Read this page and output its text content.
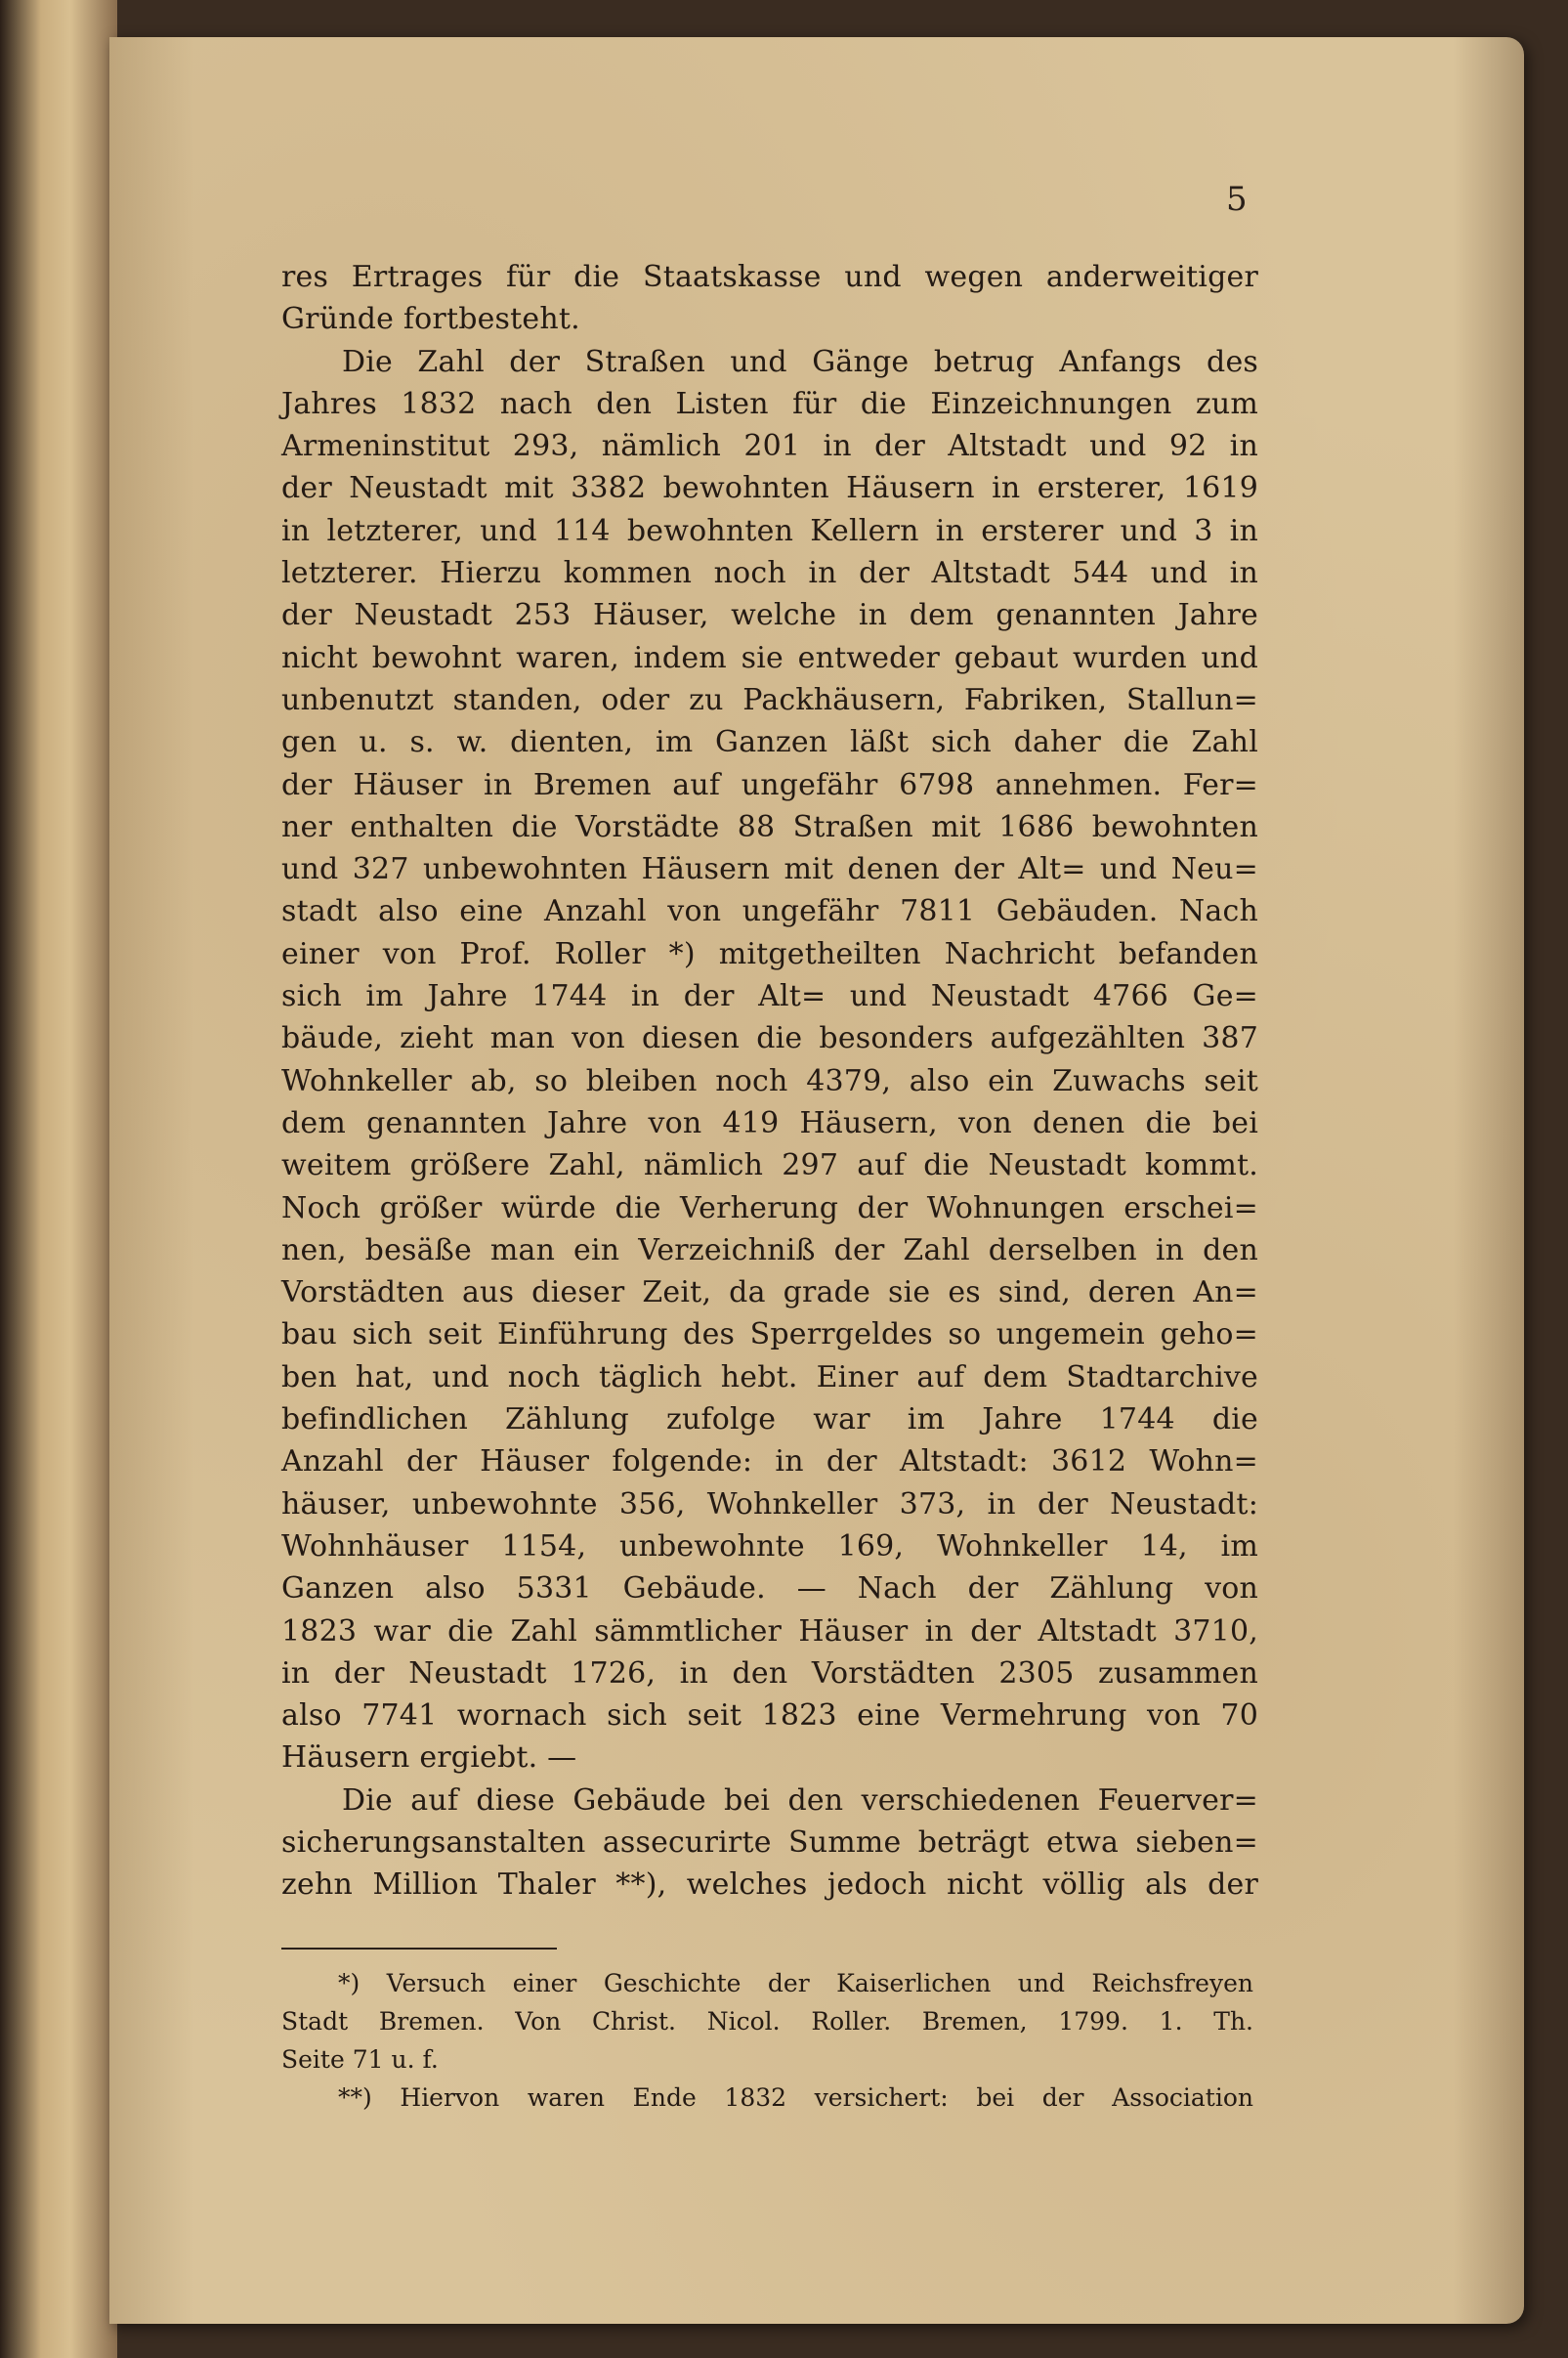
5
res Ertrages für die Staatskasse und wegen anderweitiger
Gründe fortbesteht.
Die Zahl der Straßen und Gänge betrug Anfangs des
Jahres 1832 nach den Listen für die Einzeichnungen zum
Armeninstitut 293, nämlich 201 in der Altstadt und 92 in
der Neustadt mit 3382 bewohnten Häusern in ersterer, 1619
in letzterer, und 114 bewohnten Kellern in ersterer und 3 in
letzterer. Hierzu kommen noch in der Altstadt 544 und in
der Neustadt 253 Häuser, welche in dem genannten Jahre
nicht bewohnt waren, indem sie entweder gebaut wurden und
unbenutzt standen, oder zu Packhäusern, Fabriken, Stallun=
gen u. s. w. dienten, im Ganzen läßt sich daher die Zahl
der Häuser in Bremen auf ungefähr 6798 annehmen. Fer=
ner enthalten die Vorstädte 88 Straßen mit 1686 bewohnten
und 327 unbewohnten Häusern mit denen der Alt= und Neu=
stadt also eine Anzahl von ungefähr 7811 Gebäuden. Nach
einer von Prof. Roller *) mitgetheilten Nachricht befanden
sich im Jahre 1744 in der Alt= und Neustadt 4766 Ge=
bäude, zieht man von diesen die besonders aufgezählten 387
Wohnkeller ab, so bleiben noch 4379, also ein Zuwachs seit
dem genannten Jahre von 419 Häusern, von denen die bei
weitem größere Zahl, nämlich 297 auf die Neustadt kommt.
Noch größer würde die Verherung der Wohnungen erschei=
nen, besäße man ein Verzeichniß der Zahl derselben in den
Vorstädten aus dieser Zeit, da grade sie es sind, deren An=
bau sich seit Einführung des Sperrgeldes so ungemein geho=
ben hat, und noch täglich hebt. Einer auf dem Stadtarchive
befindlichen Zählung zufolge war im Jahre 1744 die
Anzahl der Häuser folgende: in der Altstadt: 3612 Wohn=
häuser, unbewohnte 356, Wohnkeller 373, in der Neustadt:
Wohnhäuser 1154, unbewohnte 169, Wohnkeller 14, im
Ganzen also 5331 Gebäude. — Nach der Zählung von
1823 war die Zahl sämmtlicher Häuser in der Altstadt 3710,
in der Neustadt 1726, in den Vorstädten 2305 zusammen
also 7741 wornach sich seit 1823 eine Vermehrung von 70
Häusern ergiebt. —
Die auf diese Gebäude bei den verschiedenen Feuerver=
sicherungsanstalten assecurirte Summe beträgt etwa sieben=
zehn Million Thaler **), welches jedoch nicht völlig als der
*) Versuch einer Geschichte der Kaiserlichen und Reichsfreyen
Stadt Bremen. Von Christ. Nicol. Roller. Bremen, 1799. 1. Th.
Seite 71 u. f.
**) Hiervon waren Ende 1832 versichert: bei der Association
